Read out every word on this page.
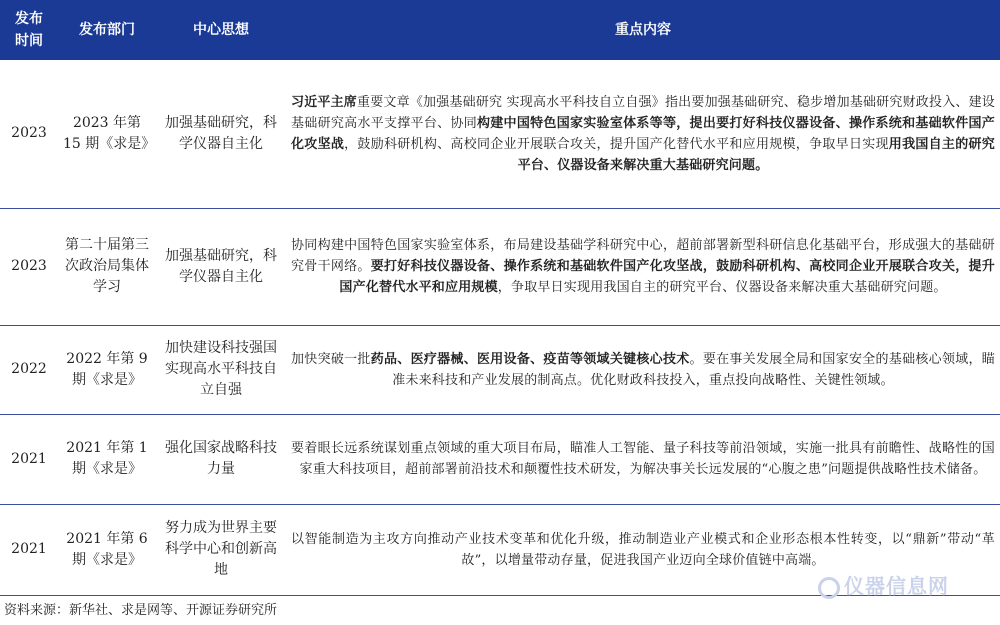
发布
时间	发布部门	中心思想	重点内容
2023	2023 年第 15 期《求是》	加强基础研究，科学仪器自主化	习近平主席重要文章《加强基础研究 实现高水平科技自立自强》指出要加强基础研究、稳步增加基础研究财政投入、建设基础研究高水平支撑平台、协同构建中国特色国家实验室体系等等，提出要打好科技仪器设备、操作系统和基础软件国产化攻坚战，鼓励科研机构、高校同企业开展联合攻关，提升国产化替代水平和应用规模，争取早日实现用我国自主的研究平台、仪器设备来解决重大基础研究问题。
2023	第二十届第三次政治局集体学习	加强基础研究，科学仪器自主化	协同构建中国特色国家实验室体系，布局建设基础学科研究中心，超前部署新型科研信息化基础平台，形成强大的基础研究骨干网络。要打好科技仪器设备、操作系统和基础软件国产化攻坚战，鼓励科研机构、高校同企业开展联合攻关，提升国产化替代水平和应用规模，争取早日实现用我国自主的研究平台、仪器设备来解决重大基础研究问题。
2022	2022 年第 9 期《求是》	加快建设科技强国实现高水平科技自立自强	加快突破一批药品、医疗器械、医用设备、疫苗等领域关键核心技术。要在事关发展全局和国家安全的基础核心领域，瞄准未来科技和产业发展的制高点。优化财政科技投入，重点投向战略性、关键性领域。
2021	2021 年第 1 期《求是》	强化国家战略科技力量	要着眼长远系统谋划重点领域的重大项目布局，瞄准人工智能、量子科技等前沿领域，实施一批具有前瞻性、战略性的国家重大科技项目，超前部署前沿技术和颠覆性技术研发，为解决事关长远发展的“心腹之患”问题提供战略性技术储备。
2021	2021 年第 6 期《求是》	努力成为世界主要科学中心和创新高地	以智能制造为主攻方向推动产业技术变革和优化升级，推动制造业产业模式和企业形态根本性转变，以“鼎新”带动“革故”，以增量带动存量，促进我国产业迈向全球价值链中高端。
资料来源：新华社、求是网等、开源证券研究所
仪器信息网
